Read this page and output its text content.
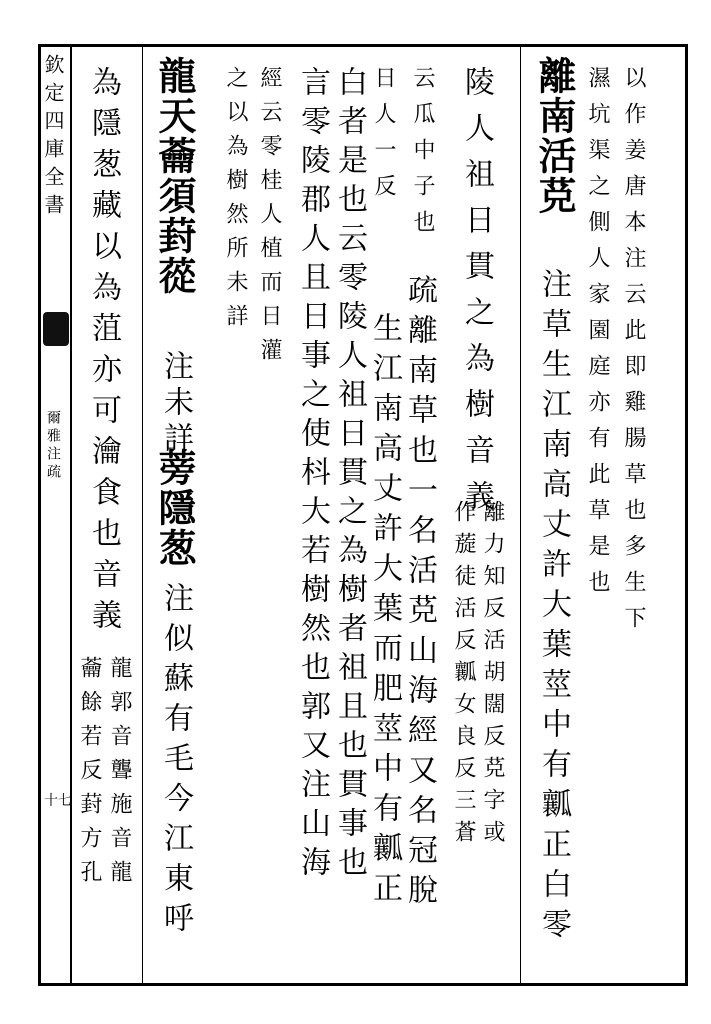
欽定四庫全書
爾雅注疏
十七
以作姜唐本注云此即雞腸草也多生下
濕坑渠之側人家園庭亦有此草是也
離南活莌
注草生江南高丈許大葉莖中有瓤正白零
陵人祖日貫之為樹音義
離力知反活胡闊反莌字或
作蔙徒活反瓤女良反三蒼
云瓜中子也
疏離南草也一名活莌山海經又名冠脫
日人一反
生江南高丈許大葉而肥莖中有瓤正
白者是也云零陵人祖日貫之為樹者祖且也貫事也
言零陵郡人且日事之使枓大若樹然也郭又注山海
經云零桂人植而日灌
之以為樹然所未詳
龍天蘥須葑蓯
注未詳
蒡隱葱
注似蘇有毛今江東呼
為隱葱藏以為菹亦可瀹食也音義
龍郭音聾施音龍
蘥餘若反葑方孔
